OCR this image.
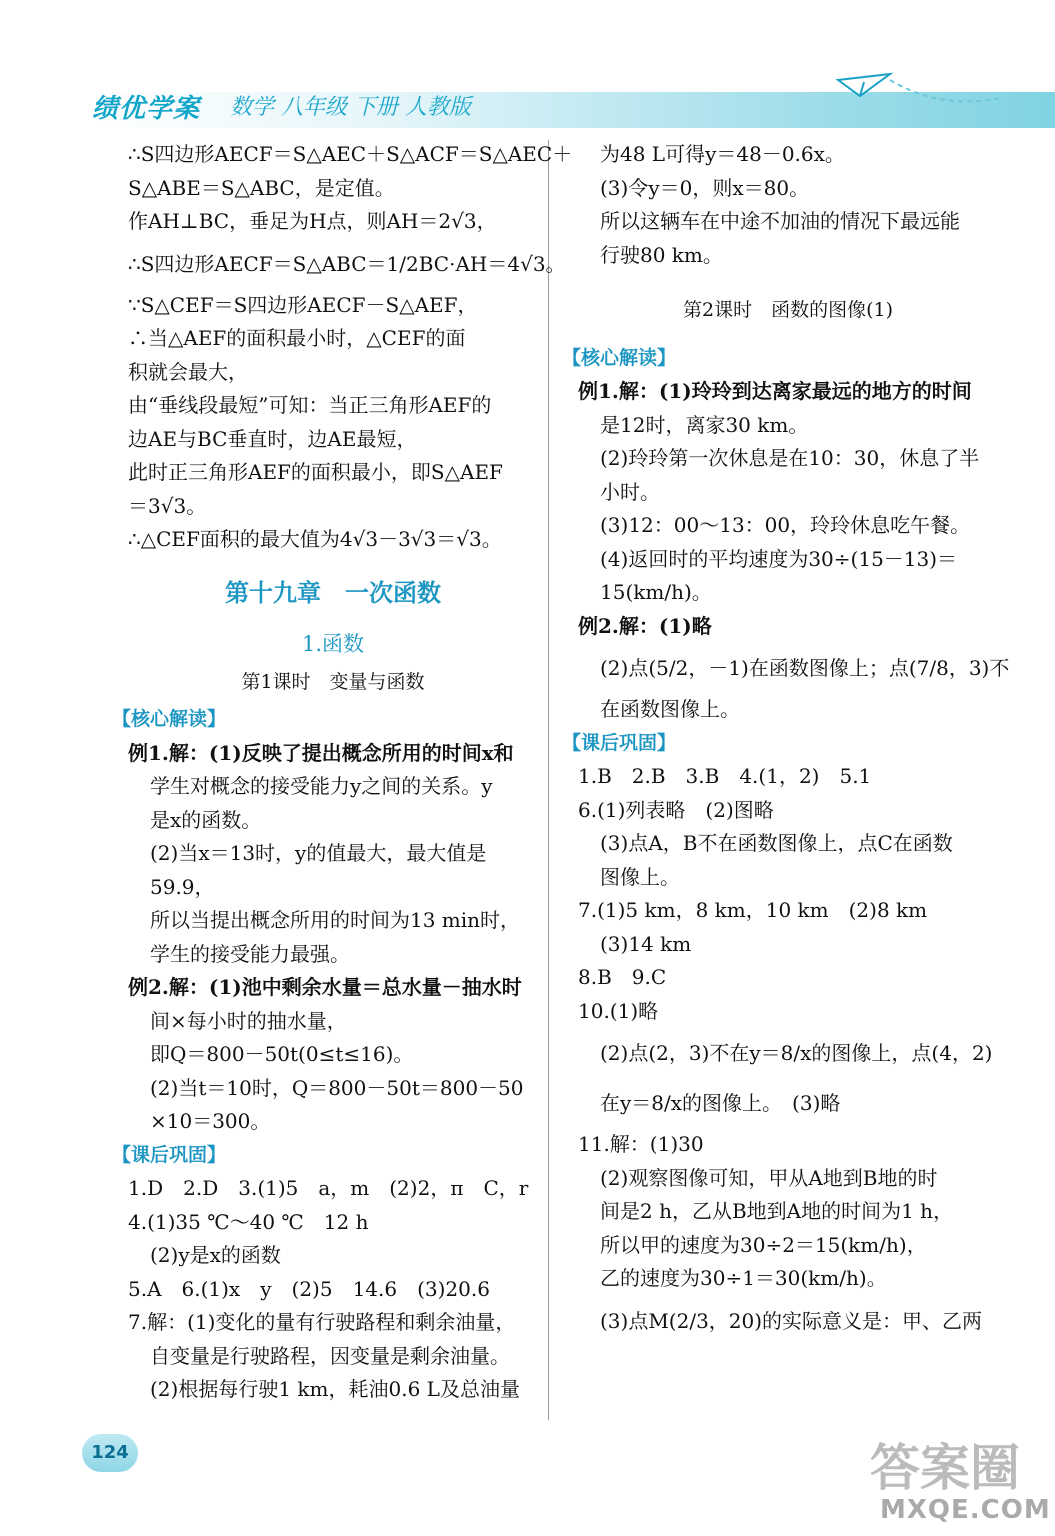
绩优学案 数学 八年级 下册 人教版
∴S四边形AECF＝S△AEC＋S△ACF＝S△AEC＋
S△ABE＝S△ABC，是定值。
作AH⊥BC，垂足为H点，则AH＝2√3，
∴S四边形AECF＝S△ABC＝1/2BC·AH＝4√3。
∵S△CEF＝S四边形AECF－S△AEF，
∴当△AEF的面积最小时，△CEF的面
积就会最大，
由“垂线段最短”可知：当正三角形AEF的
边AE与BC垂直时，边AE最短，
此时正三角形AEF的面积最小，即S△AEF
＝3√3。
∴△CEF面积的最大值为4√3－3√3＝√3。
第十九章　一次函数
1.函数
第1课时　变量与函数
【核心解读】
例1.解：(1)反映了提出概念所用的时间x和
学生对概念的接受能力y之间的关系。y
是x的函数。
(2)当x＝13时，y的值最大，最大值是
59.9，
所以当提出概念所用的时间为13 min时，
学生的接受能力最强。
例2.解：(1)池中剩余水量＝总水量－抽水时
间×每小时的抽水量，
即Q＝800－50t(0≤t≤16)。
(2)当t＝10时，Q＝800－50t＝800－50
×10＝300。
【课后巩固】
1.D　2.D　3.(1)5　a，m　(2)2，π　C，r
4.(1)35 ℃～40 ℃　12 h
(2)y是x的函数
5.A　6.(1)x　y　(2)5　14.6　(3)20.6
7.解：(1)变化的量有行驶路程和剩余油量，
自变量是行驶路程，因变量是剩余油量。
(2)根据每行驶1 km，耗油0.6 L及总油量
为48 L可得y＝48－0.6x。
(3)令y＝0，则x＝80。
所以这辆车在中途不加油的情况下最远能
行驶80 km。
第2课时　函数的图像(1)
【核心解读】
例1.解：(1)玲玲到达离家最远的地方的时间
是12时，离家30 km。
(2)玲玲第一次休息是在10：30，休息了半
小时。
(3)12：00～13：00，玲玲休息吃午餐。
(4)返回时的平均速度为30÷(15－13)＝
15(km/h)。
例2.解：(1)略
(2)点(5/2，－1)在函数图像上；点(7/8，3)不
在函数图像上。
【课后巩固】
1.B　2.B　3.B　4.(1，2)　5.1
6.(1)列表略　(2)图略
(3)点A，B不在函数图像上，点C在函数
图像上。
7.(1)5 km，8 km，10 km　(2)8 km
(3)14 km
8.B　9.C
10.(1)略
(2)点(2，3)不在y＝8/x的图像上，点(4，2)
在y＝8/x的图像上。　(3)略
11.解：(1)30
(2)观察图像可知，甲从A地到B地的时
间是2 h，乙从B地到A地的时间为1 h，
所以甲的速度为30÷2＝15(km/h)，
乙的速度为30÷1＝30(km/h)。
(3)点M(2/3，20)的实际意义是：甲、乙两
124	答案圈
MXQE.COM
